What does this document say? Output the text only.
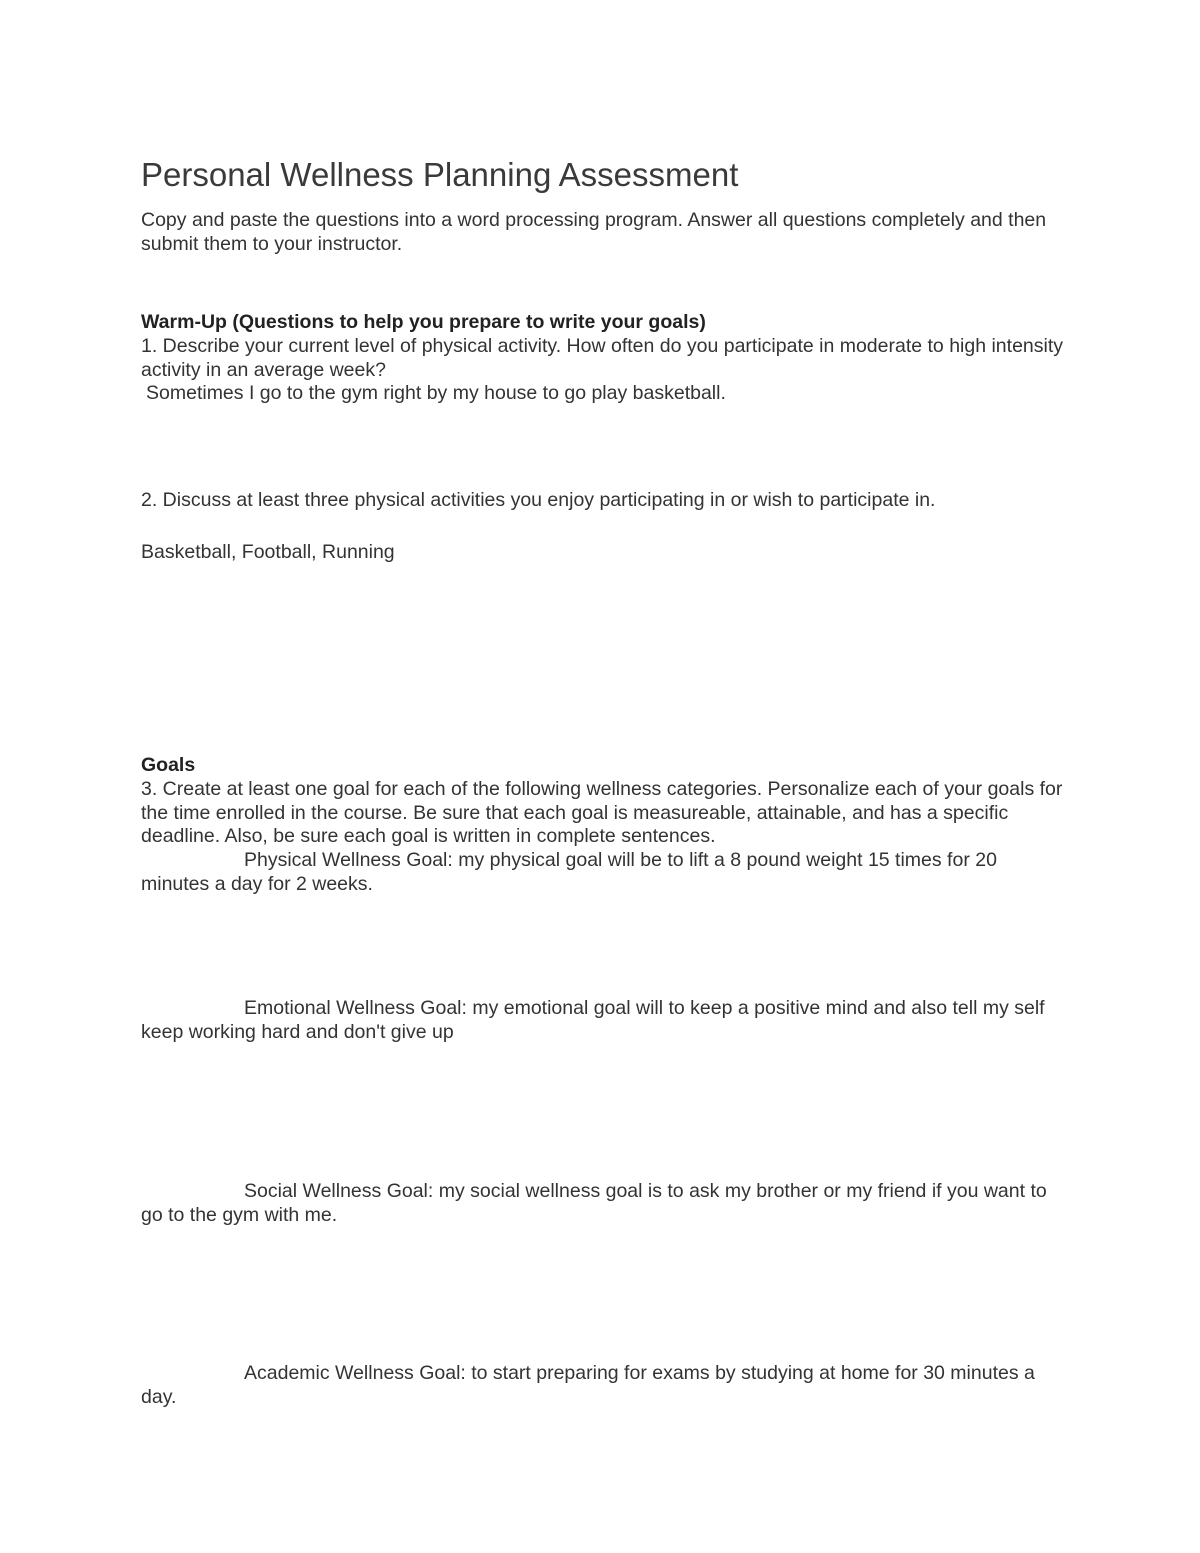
Personal Wellness Planning Assessment
Copy and paste the questions into a word processing program. Answer all questions completely and then submit them to your instructor.
Warm-Up (Questions to help you prepare to write your goals)
1. Describe your current level of physical activity. How often do you participate in moderate to high intensity activity in an average week?
Sometimes I go to the gym right by my house to go play basketball.
2. Discuss at least three physical activities you enjoy participating in or wish to participate in.
Basketball, Football, Running
Goals
3. Create at least one goal for each of the following wellness categories. Personalize each of your goals for the time enrolled in the course. Be sure that each goal is measureable, attainable, and has a specific deadline. Also, be sure each goal is written in complete sentences.
Physical Wellness Goal: my physical goal will be to lift a 8 pound weight 15 times for 20 minutes a day for 2 weeks.
Emotional Wellness Goal: my emotional goal will to keep a positive mind and also tell my self keep working hard and don't give up
Social Wellness Goal: my social wellness goal is to ask my brother or my friend if you want to go to the gym with me.
Academic Wellness Goal: to start preparing for exams by studying at home for 30 minutes a day.
